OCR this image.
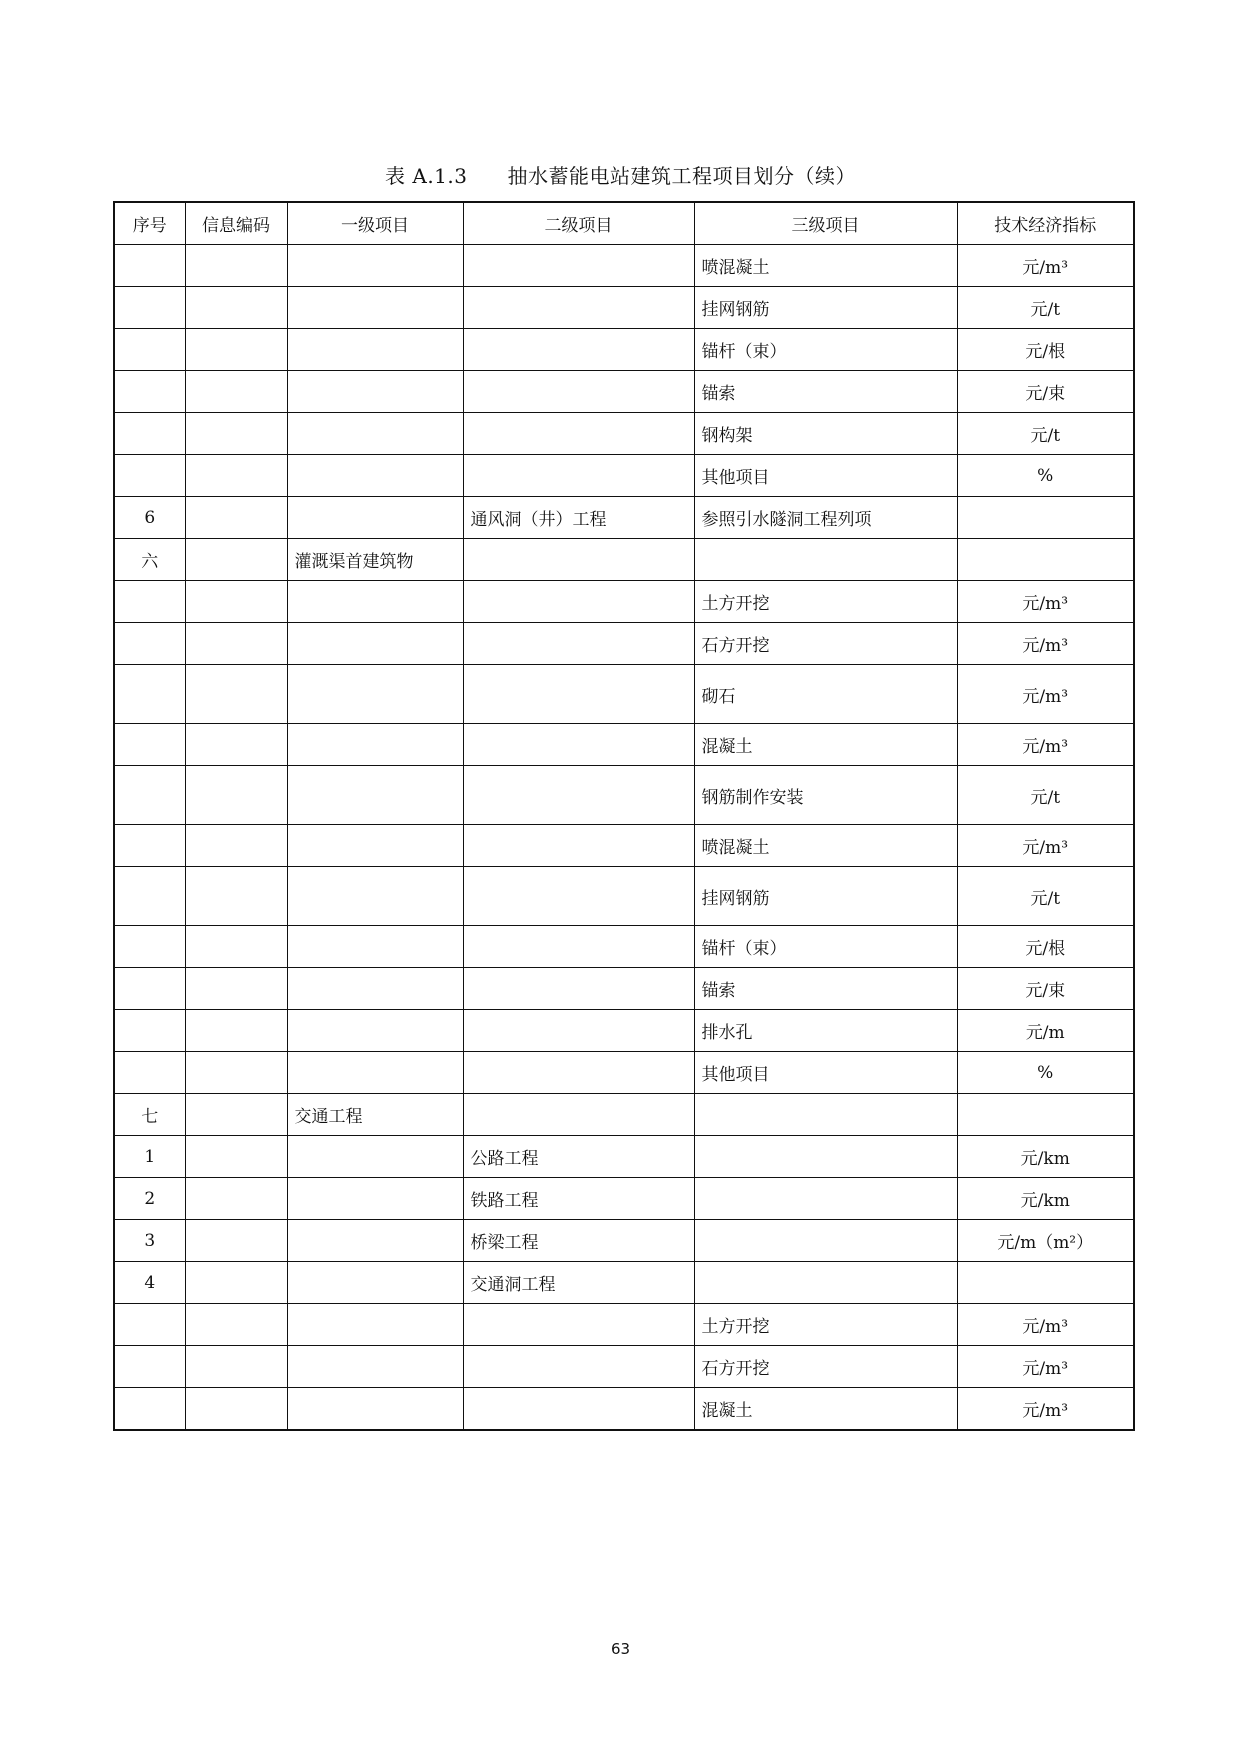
表 A.1.3 抽水蓄能电站建筑工程项目划分（续）
序号	信息编码	一级项目	二级项目	三级项目	技术经济指标
				喷混凝土	元/m³
				挂网钢筋	元/t
				锚杆（束）	元/根
				锚索	元/束
				钢构架	元/t
				其他项目	%
6			通风洞（井）工程	参照引水隧洞工程列项	
六		灌溉渠首建筑物			
				土方开挖	元/m³
				石方开挖	元/m³
				砌石	元/m³
				混凝土	元/m³
				钢筋制作安装	元/t
				喷混凝土	元/m³
				挂网钢筋	元/t
				锚杆（束）	元/根
				锚索	元/束
				排水孔	元/m
				其他项目	%
七		交通工程			
1			公路工程		元/km
2			铁路工程		元/km
3			桥梁工程		元/m（m²）
4			交通洞工程		
				土方开挖	元/m³
				石方开挖	元/m³
				混凝土	元/m³
63
